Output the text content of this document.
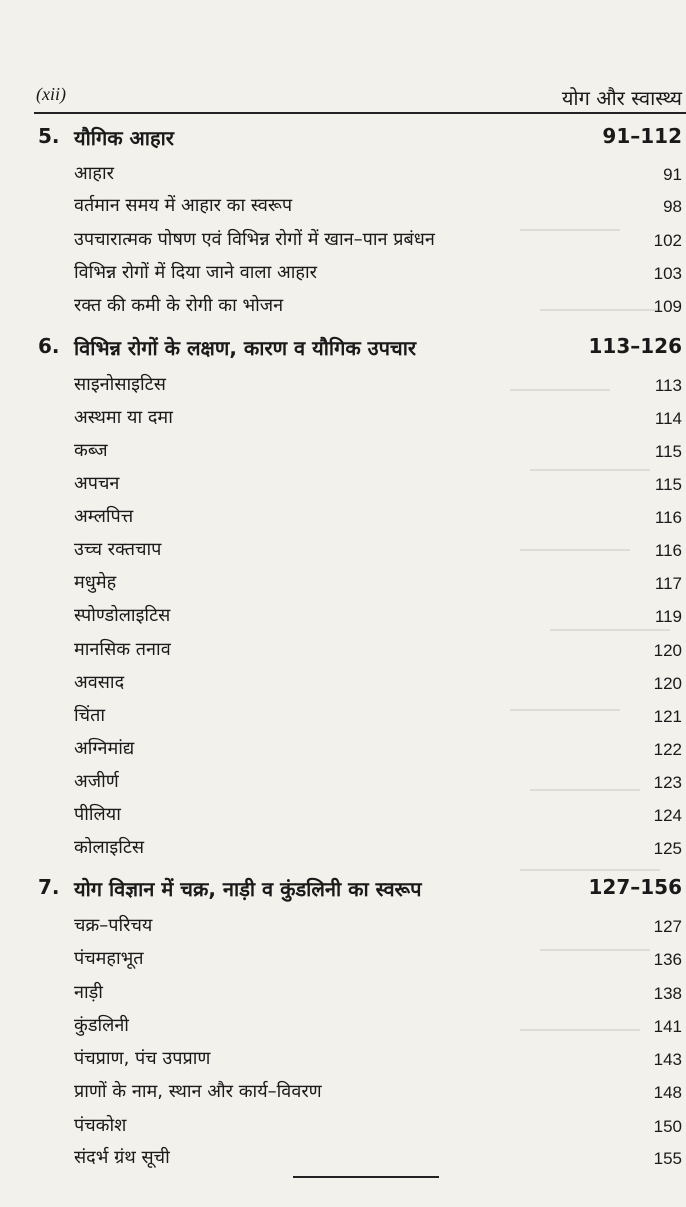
(xii)	योग और स्वास्थ्य
5. यौगिक आहार	91–112
आहार	91
वर्तमान समय में आहार का स्वरूप	98
उपचारात्मक पोषण एवं विभिन्न रोगों में खान–पान प्रबंधन	102
विभिन्न रोगों में दिया जाने वाला आहार	103
रक्त की कमी के रोगी का भोजन	109
6. विभिन्न रोगों के लक्षण, कारण व यौगिक उपचार	113–126
साइनोसाइटिस	113
अस्थमा या दमा	114
कब्ज	115
अपचन	115
अम्लपित्त	116
उच्च रक्तचाप	116
मधुमेह	117
स्पोण्डोलाइटिस	119
मानसिक तनाव	120
अवसाद	120
चिंता	121
अग्निमांद्य	122
अजीर्ण	123
पीलिया	124
कोलाइटिस	125
7. योग विज्ञान में चक्र, नाड़ी व कुंडलिनी का स्वरूप	127–156
चक्र–परिचय	127
पंचमहाभूत	136
नाड़ी	138
कुंडलिनी	141
पंचप्राण, पंच उपप्राण	143
प्राणों के नाम, स्थान और कार्य–विवरण	148
पंचकोश	150
संदर्भ ग्रंथ सूची	155
